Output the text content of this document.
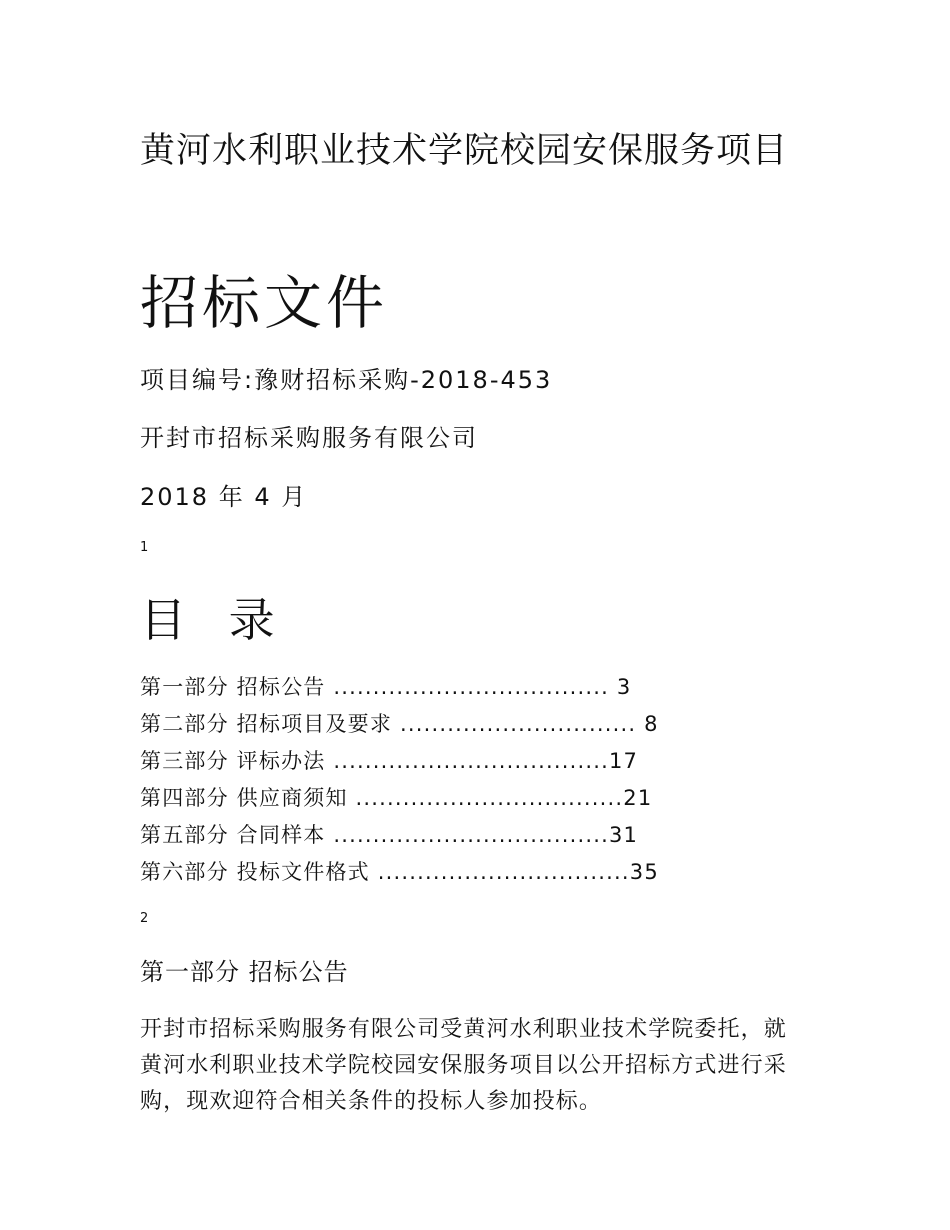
黄河水利职业技术学院校园安保服务项目
招标文件

项目编号:豫财招标采购-2018-453

开封市招标采购服务有限公司

2018 年 4 月

1

目 录

第一部分 招标公告 ................................... 3 第二部分 招标项目及要求 .............................. 8 第三部分 评标办法 ...................................17 第四部分 供应商须知 ..................................21 第五部分 合同样本 ...................................31 第六部分 投标文件格式 ................................35

2

第一部分 招标公告

开封市招标采购服务有限公司受黄河水利职业技术学院委托，就黄河水利职业技术学院校园安保服务项目以公开招标方式进行采购，现欢迎符合相关条件的投标人参加投标。
